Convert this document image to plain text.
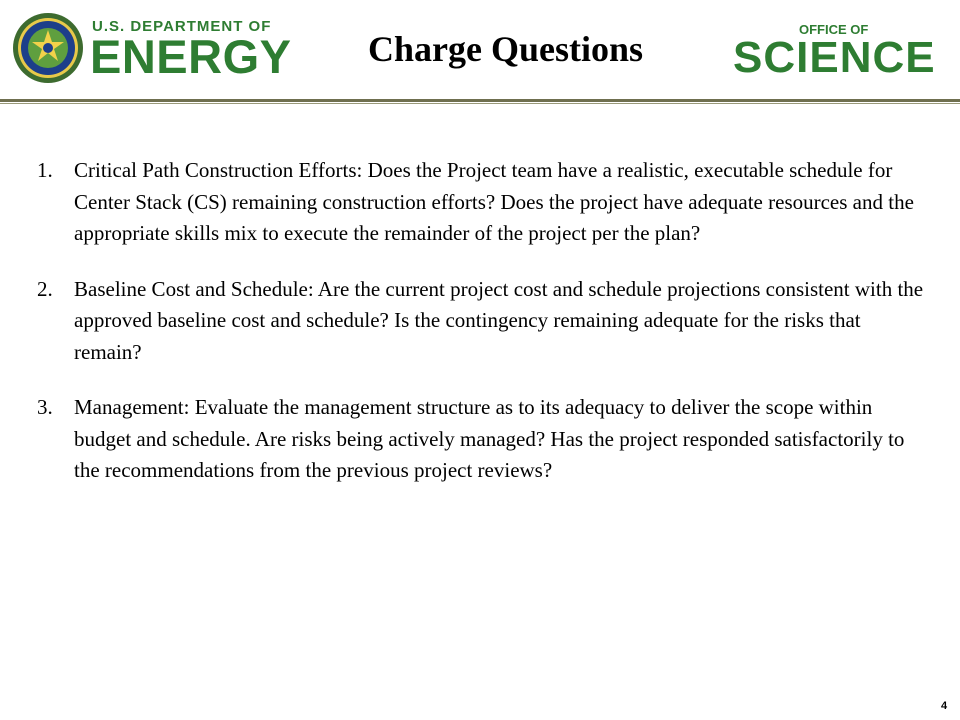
U.S. DEPARTMENT OF
ENERGY Charge Questions	OFFICE OF
SCIENCE
1.	Critical Path Construction Efforts: Does the Project team have a realistic, executable schedule for Center Stack (CS) remaining construction efforts? Does the project have adequate resources and the appropriate skills mix to execute the remainder of the project per the plan?
2.	Baseline Cost and Schedule: Are the current project cost and schedule projections consistent with the approved baseline cost and schedule? Is the contingency remaining adequate for the risks that remain?
3.	Management: Evaluate the management structure as to its adequacy to deliver the scope within budget and schedule. Are risks being actively managed? Has the project responded satisfactorily to the recommendations from the previous project reviews?
4
